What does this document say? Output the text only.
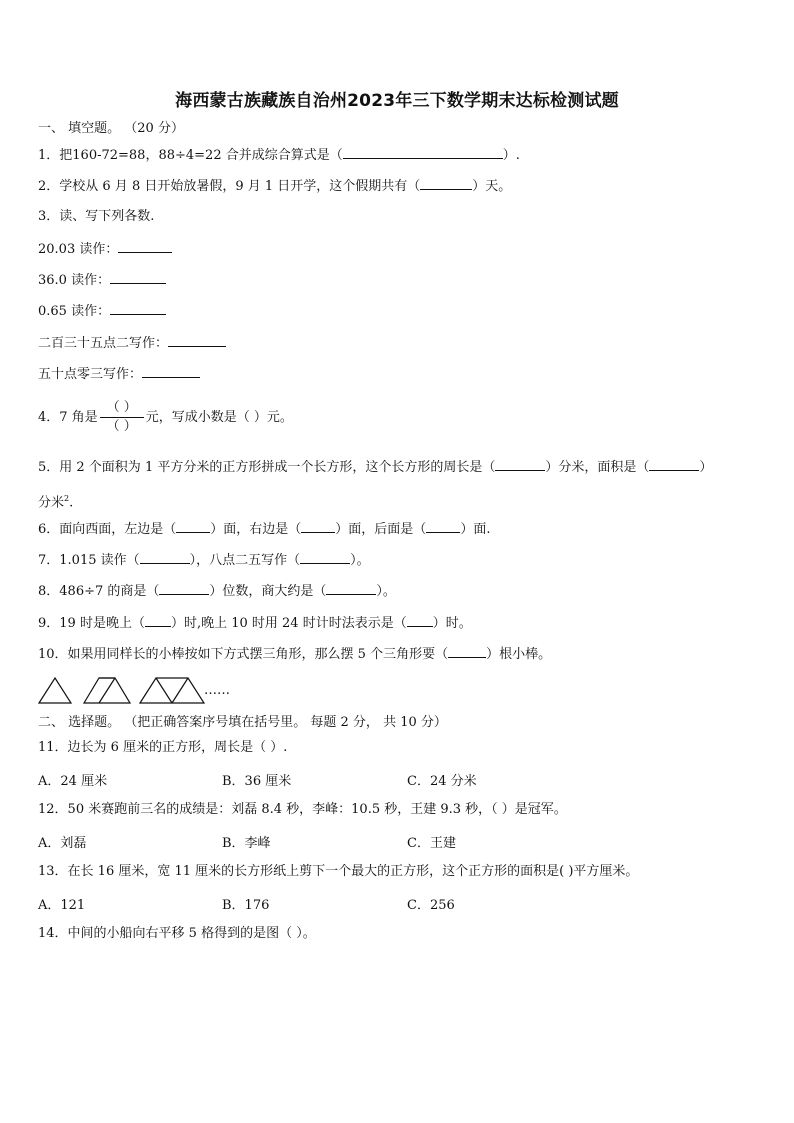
海西蒙古族藏族自治州2023年三下数学期末达标检测试题
一、 填空题。 （20 分）
1．把160-72=88，88÷4=22 合并成综合算式是（	）.
2．学校从 6 月 8 日开始放暑假，9 月 1 日开学，这个假期共有（	）天。
3．读、写下列各数.
20.03 读作：
36.0 读作：
0.65 读作：
二百三十五点二写作：
五十点零三写作：
4．7 角是 $\frac{( )}{( )}$ 元，写成小数是（ ）元。
5．用 2 个面积为 1 平方分米的正方形拼成一个长方形，这个长方形的周长是（	）分米，面积是（	）
分米$^2$.
6．面向西面，左边是（	）面，右边是（	）面，后面是（	）面.
7．1.015 读作（	），八点二五写作（	）。
8．486÷7 的商是（	）位数，商大约是（	）。
9．19 时是晚上（ ）时,晚上 10 时用 24 时计时法表示是（ ）时。
10．如果用同样长的小棒按如下方式摆三角形，那么摆 5 个三角形要（	）根小棒。
……
二、 选择题。 （把正确答案序号填在括号里。 每题 2 分， 共 10 分）
11．边长为 6 厘米的正方形，周长是（ ）.
A．24 厘米	B．36 厘米	C．24 分米
12．50 米赛跑前三名的成绩是：刘磊 8.4 秒，李峰：10.5 秒，王建 9.3 秒，（ ）是冠军。
A．刘磊	B．李峰	C．王建
13．在长 16 厘米，宽 11 厘米的长方形纸上剪下一个最大的正方形，这个正方形的面积是( )平方厘米。
A．121	B．176	C．256
14．中间的小船向右平移 5 格得到的是图（ ）。
